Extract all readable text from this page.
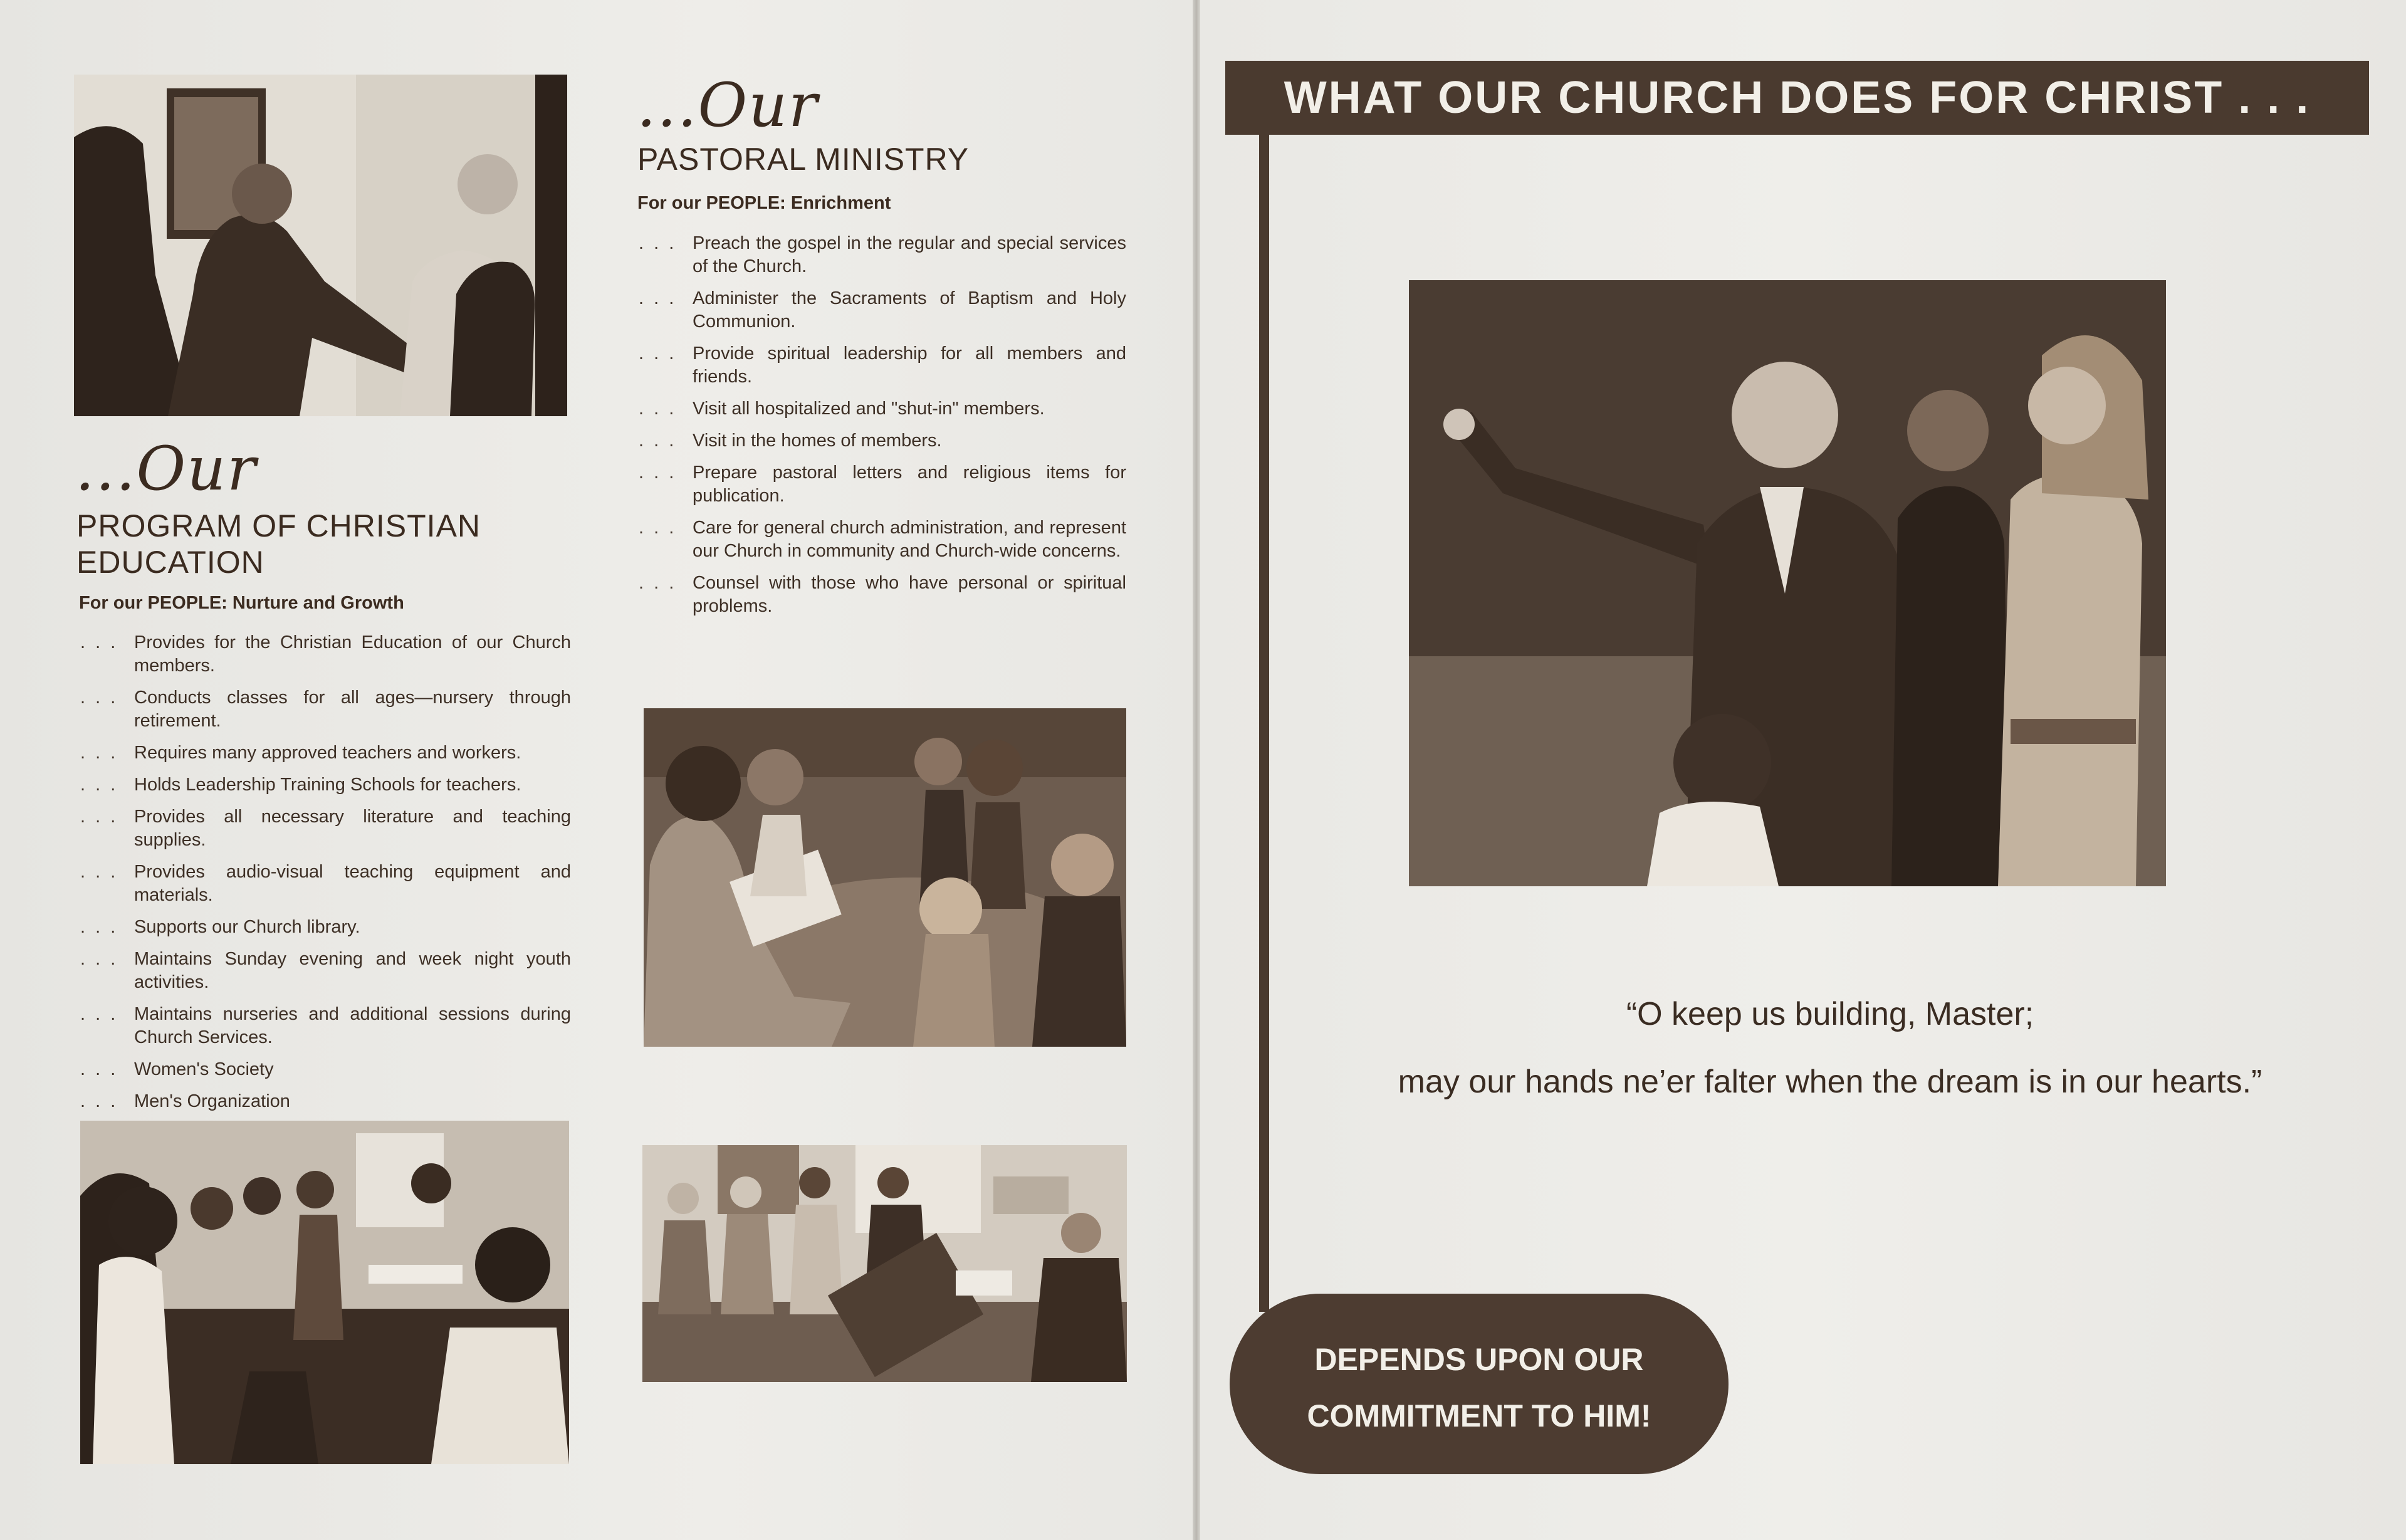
...Our
PROGRAM OF CHRISTIAN
EDUCATION
For our PEOPLE: Nurture and Growth
. . . Provides for the Christian Education of our Church members.
. . . Conducts classes for all ages—nursery through retirement.
. . . Requires many approved teachers and workers.
. . . Holds Leadership Training Schools for teachers.
. . . Provides all necessary literature and teaching supplies.
. . . Provides audio-visual teaching equipment and materials.
. . . Supports our Church library.
. . . Maintains Sunday evening and week night youth activities.
. . . Maintains nurseries and additional sessions during Church Services.
. . . Women's Society
. . . Men's Organization
...Our
PASTORAL MINISTRY
For our PEOPLE: Enrichment
. . . Preach the gospel in the regular and special services of the Church.
. . . Administer the Sacraments of Baptism and Holy Communion.
. . . Provide spiritual leadership for all members and friends.
. . . Visit all hospitalized and "shut-in" members.
. . . Visit in the homes of members.
. . . Prepare pastoral letters and religious items for publication.
. . . Care for general church administration, and represent our Church in community and Church-wide concerns.
. . . Counsel with those who have personal or spiritual problems.
WHAT OUR CHURCH DOES FOR CHRIST . . .
“O keep us building, Master;
may our hands ne’er falter when the dream is in our hearts.”
DEPENDS UPON OUR
COMMITMENT TO HIM!
